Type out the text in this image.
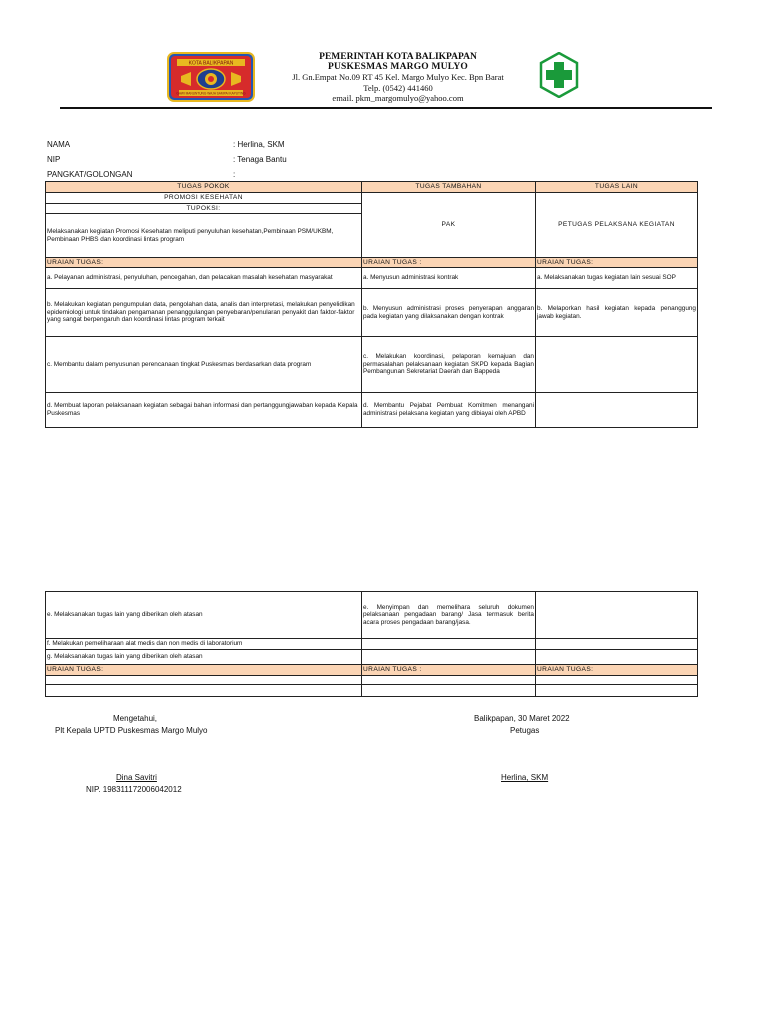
KOTA BALIKPAPAN
GAWI MANUNTUNG WAJA SAMPAI KAPUTING
PEMERINTAH KOTA BALIKPAPAN
PUSKESMAS MARGO MULYO
Jl. Gn.Empat No.09 RT 45 Kel. Margo Mulyo Kec. Bpn Barat
Telp. (0542) 441460
email. pkm_margomulyo@yahoo.com
NAMA	: Herlina, SKM
NIP	: Tenaga Bantu
PANGKAT/GOLONGAN	:
TUGAS POKOK	TUGAS TAMBAHAN	TUGAS LAIN
PROMOSI KESEHATAN	PAK	PETUGAS PELAKSANA KEGIATAN
TUPOKSI:		
Melaksanakan kegiatan Promosi Kesehatan meliputi penyuluhan kesehatan,Pembinaan PSM/UKBM, Pembinaan PHBS dan koordinasi lintas program		
URAIAN TUGAS:	URAIAN TUGAS :	URAIAN TUGAS:
a. Pelayanan administrasi, penyuluhan, pencegahan, dan pelacakan masalah kesehatan masyarakat	a. Menyusun administrasi kontrak	a. Melaksanakan tugas kegiatan lain sesuai SOP
b. Melakukan kegiatan pengumpulan data, pengolahan data, analis dan interpretasi, melakukan penyelidikan epidemiologi untuk tindakan pengamanan penanggulangan penyebaran/penularan penyakit dan faktor-faktor yang sangat berpengaruh dan koordinasi lintas program terkait	b. Menyusun administrasi proses penyerapan anggaran pada kegiatan yang dilaksanakan dengan kontrak	b. Melaporkan hasil kegiatan kepada penanggung jawab kegiatan.
c. Membantu dalam penyusunan perencanaan tingkat Puskesmas berdasarkan data program	c. Melakukan koordinasi, pelaporan kemajuan dan permasalahan pelaksanaan kegiatan SKPD kepada Bagian Pembangunan Sekretariat Daerah dan Bappeda	
d. Membuat laporan pelaksanaan kegiatan sebagai bahan informasi dan pertanggungjawaban kepada Kepala Puskesmas	d. Membantu Pejabat Pembuat Komitmen menangani administrasi pelaksana kegiatan yang dibiayai oleh APBD	
e. Melaksanakan tugas lain yang diberikan oleh atasan	e. Menyimpan dan memelihara seluruh dokumen pelaksanaan pengadaan barang/ Jasa termasuk berita acara proses pengadaan barang/jasa.	
f. Melakukan pemeliharaan alat medis dan non medis di laboratorium		
g. Melaksanakan tugas lain yang diberikan oleh atasan		
URAIAN TUGAS:	URAIAN TUGAS :	URAIAN TUGAS:

Mengetahui,
Plt Kepala UPTD Puskesmas Margo Mulyo
Dina Savitri
NIP. 198311172006042012
Balikpapan, 30 Maret 2022
Petugas
Herlina, SKM
